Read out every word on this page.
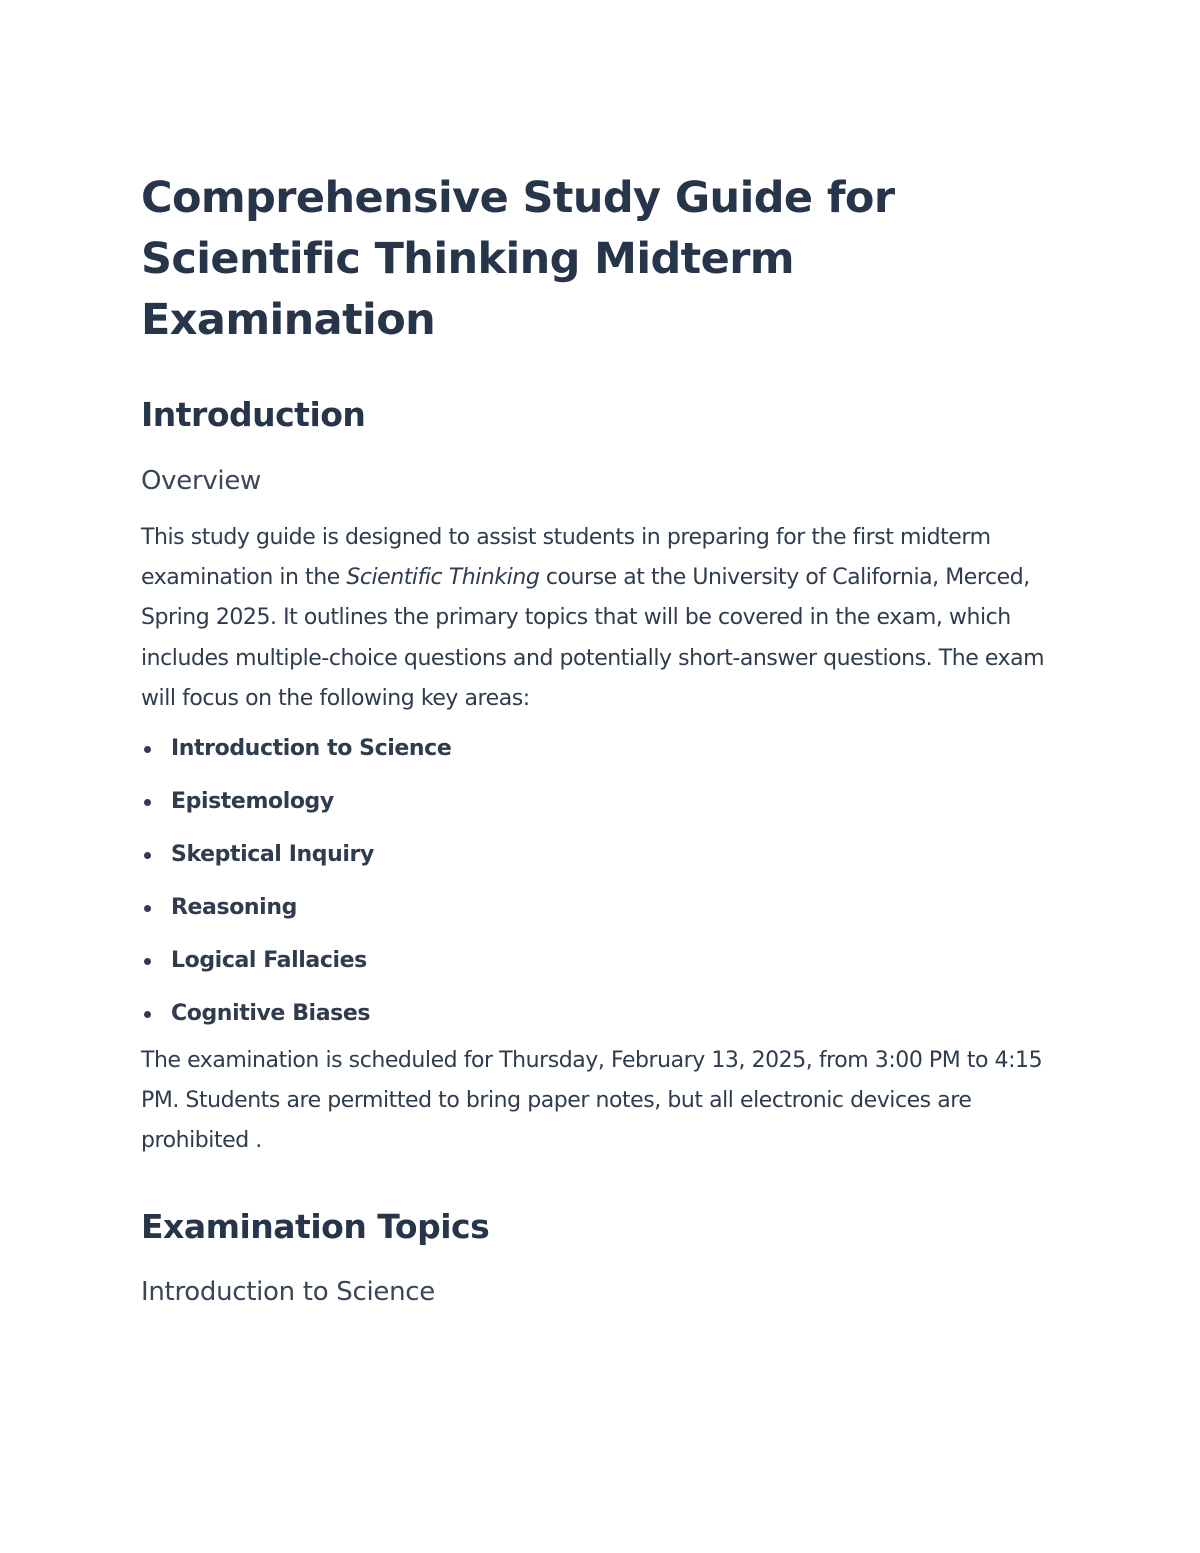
Comprehensive Study Guide for Scientific Thinking Midterm Examination
Introduction
Overview

This study guide is designed to assist students in preparing for the first midterm examination in the Scientific Thinking course at the University of California, Merced, Spring 2025. It outlines the primary topics that will be covered in the exam, which includes multiple-choice questions and potentially short-answer questions. The exam will focus on the following key areas:

Introduction to Science
Epistemology
Skeptical Inquiry
Reasoning
Logical Fallacies
Cognitive Biases

The examination is scheduled for Thursday, February 13, 2025, from 3:00 PM to 4:15 PM. Students are permitted to bring paper notes, but all electronic devices are prohibited .

Examination Topics
Introduction to Science
